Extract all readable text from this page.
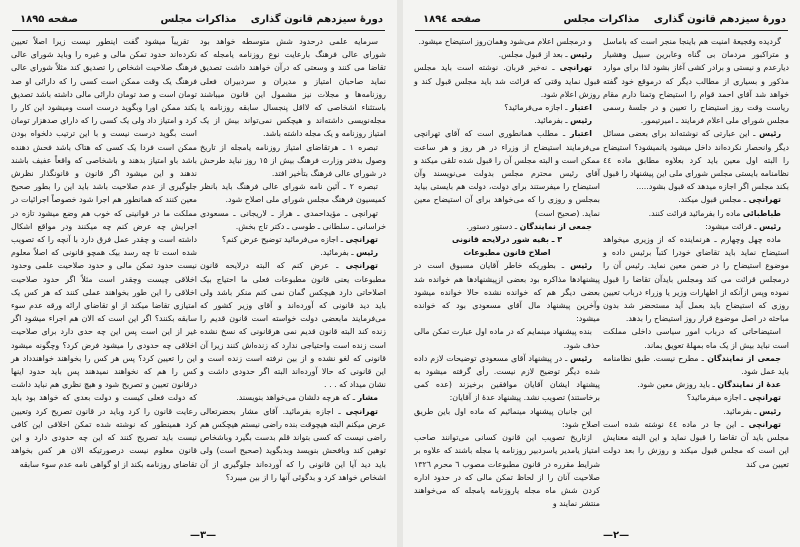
دورهٔ سیزدهم قانون گذاری
مذاکرات مجلس
صفحه ۱۸۹۵

سرمایه علمی درحدود شش متوسطه خواهد بود شورای عالی فرهنگ بارعایت نوع روزنامه یامجله که تقاضا می کنند و وسعتی که درآن خواهند داشت تصدیق نماید صاحبان امتیاز و مدیران و سردبیران فعلی روزنامه‌ها و مجلات نیز مشمول این قانون میباشند باستثناء اشخاصی که لااقل پنجسال سابقه روزنامه یا مجله‌نویسی داشته‌اند و هیچکس نمی‌تواند بیش از یک امتیاز روزنامه و یک مجله داشته باشد.

تبصره ۱ ـ هرتقاضای امتیاز روزنامه یامجله از تاریخ وصول بدفتر وزارت فرهنگ بیش از ۱۵ روز نباید طرحش در شورای عالی فرهنگ بتأخیر افتد.

تبصره ۲ ـ آئین نامه شورای عالی فرهنگ باید بانظر کمیسیون فرهنگ مجلس شورای ملی اصلاح شود.

تهرانچی ـ مؤیداحمدی ـ هراز ـ لاریجانی ـ مسعودی خراسانی ـ سلطانی ـ طوسی ـ دکتر تاج بخش.

تهرانچی ـ اجازه می‌فرمائید توضیح عرض کنم؟

رئیس ـ بفرمائید.

تهرانچی ـ عرض کنم که البته درلایحه قانون مطبوعات یعنی قانون مطبوعات فعلی ما احتیاج بیک اصلاحاتی دارد هیچکس گمان نمی کنم منکر باشد ولی باید دید قانونی که آورده‌اند و آقای وزیر کشور که می‌فرمایند مابعضی دولت خواسته است قانون قدیم را زنده کند البته قانون قدیم نمی هرقانونی که نسخ نشده است زنده است واحتیاجی ندارد که زنده‌اش کنند زیرا آن قانونی که لغو نشده و از بین نرفته است زنده است و این قانونی که حالا آورده‌اند البته اگر حدودی داشت و نشان میداد که . . .

مشار ـ که هرچه دلشان می‌خواهد بنویسند.

تهرانچی ـ اجازه بفرمائید. آقای مشار بحضرتعالی عرض میکنم البته هیچوقت بنده راضی نیستم هیچکس هم راضی نیست که کسی بتواند قلم بدست بگیرد وباشخاص توهین کند وبافحش بنویسد وبدبگوید (صحیح است) ولی باید دید آیا این قانونی را که آورده‌اند جلوگیری از آن اشخاص خواهد کرد و بدگوئی آنها را از بین میبرد؟

تقریباً میشود گفت اینطور نیست زیرا اصلاً تعیین نکرده‌اند حدود تمکن مالی و غیره را وباید شورای عالی فرهنگ صلاحیت اشخاص را تصدیق کند مثلاً شورای عالی فرهنگ یک وقت ممکن است کسی را که دارائی او صد تومان است و صد تومان دارائی مالی داشته باشد تصدیق بکند ممکن اورا وبگوید درست است ومیشود این کار را کرد و امتیاز داد ولی یک کسی را که دارای صدهزار تومان است بگوید درست نیست و با این ترتیب دلخواه بودن ممکن است فردا یک کسی که هتاک باشد فحش دهنده باشد باو امتیاز بدهند و باشخاصی که واقعاً عفیف باشند ندهند و این میشود اگر قانون و قانونگذار نظرش جلوگیری از عدم صلاحیت باشد باید این را بطور صحیح معین کنند که همانطور هم اجرا شود خصوصاً اجرائیات در مملکت ما در قوانینی که خوب هم وضع میشود تازه در اجرایش چه عرض کنم چه میکنند ودر مواقع اشکال داشته است و چقدر عمل فرق دارد با آنچه را که تصویب شده است تا چه رسد بیک همچو قانونی که اصلاً معلوم نیست حدود تمکن مالی و حدود صلاحیت علمی وحدود اخلاقی چیست وچقدر است مثلاً اگر حدود صلاحیت اخلاقی را این طور بخواهند عملی کنند که هر کس یک امتیازی تقاضا میکند از او تقاضای ارائه ورقه عدم سوء سابقه بکنند؟ اگر این است که الان هم اجراء میشود اگر غیر از این است پس این چه حدی دارد برای صلاحیت اخلاقی چه حدودی را میشود فرض کرد؟ وچگونه میشود این را تعیین کرد؟ پس هر کس را بخواهند خواهندداد هر کس را هم که نخواهند نمیدهند پس باید حدود اینها درقانون تعیین و تصریح شود و هیچ نظری هم نباید داشت که دولت فعلی کیست و دولت بعدی که خواهد بود باید رعایت قانون را کرد وباید در قانون تصریح کرد وتعیین کرد همینطور که نوشته شده تمکن اخلاقی این کافی نیست باید تصریح کنند که این چه حدودی دارد و این قانون معلوم نیست درصورتیکه الان هر کس بخواهد تقاضای روزنامه بکند از او گواهی نامه عدم سوء سابقه

—۳—
دورهٔ سیزدهم قانون گذاری
مذاکرات مجلس
صفحه ۱۸۹٤

گردیده وفجیعهٔ امنیت هم باینجا منجر است که باماسل و متراکبور مردمان بی گناه وعابرین سبیل وهشیار دیارعدم و نیستی و برادر کشی آغاز بشود لذا برای موارد مذکور و بسیاری از مطالب دیگر که درموقع خود گفته خواهد شد آقای احمد قوام را استیضاح وتمنا دارم مقام ریاست وقت روز استیضاح را تعیین و در جلسهٔ رسمی مجلس شورای ملی اعلام فرمایند ـ امیرتیمور.

رئیس ـ این عبارتی که نوشته‌اند برای بعضی مسائل دیگر وانحصار نکرده‌اند داخل میشود یانمیشود؟ استیضاح را البته اول معین باید کرد بعلاوه مطابق ماده ٤٤ نظامنامه بایستی مجلس شورای ملی این پیشنهاد را قبول بکند مجلس اگر اجازه میدهد که قبول بشود.....

تهرانچی ـ مجلس قبول میکند.

طباطبائی ماده را بفرمائید قرائت کنند.

رئیس ـ قرائت میشود:

ماده چهل وچهارم ـ هرنماینده که از وزیری میخواهد استیضاح نماید باید تقاضای خودرا کتباً برئیس داده و موضوع استیضاح را در ضمن معین نماید. رئیس آن را درمجلس قرائت می کند ومجلس بایدآن تقاضا را قبول نموده وپس ازآنکه از اظهارات وزیر یا وزراء درباب تعیین روزی که استیضاح باید بعمل آید مستحضر شد بدون مباحثه در اصل موضوع قرار روز استیضاح را بدهد.

استیضاحاتی که درباب امور سیاسی داخلی مملکت است نباید بیش از یک ماه بمهلهٔ تعویق بماند.

جمعی از نمایندگان ـ مطرح نیست. طبق نظامنامه باید عمل شود.

عدهٔ از نمایندگان ـ باید روزش معین شود.

تهرانچی ـ اجازه میفرمائید؟

رئیس ـ بفرمائید.

تهرانچی ـ این جا در ماده ٤٤ نوشته شده است مجلس باید آن تقاضا را قبول نماید و این البته معنایش این است که مجلس قبول میکند و روزش را بعد دولت تعیین می کند

و درمجلس اعلام می‌شود وهمان‌روز استیضاح میشود.

رئیس ـ بعد از قبول مجلس.

تهرانچی ـ نه‌خیر قربان. نوشته است باید مجلس قبول نماید وقتی که قرائت شد باید مجلس قبول کند و روزش اعلام شود.

اعتبار ـ اجازه می‌فرمائید؟

رئیس ـ بفرمائید.

اعتبار ـ مطلب همانطوری است که آقای تهرانچی می‌فرمایند استیضاح از وزراء در هر روز و هر ساعت ممکن است و البته مجلس آن را قبول شده تلقی میکند و آقای رئیس محترم مجلس بدولت می‌نویسند وآن استیضاح را میفرستند برای دولت، دولت هم بایستی بیاید بمجلس و روزی را که می‌خواهد برای آن استیضاح معین نماید. (صحیح است)

جمعی از نمایندگان ـ دستور دستور.

۳ ـ بقیه شور درلایحه قانونی

اصلاح قانون مطبوعات

رئیس ـ بطوریکه خاطر آقایان مسبوق است در پیشنهادها مذاکره بود بعضی ازپیشنهادها هم خوانده شد بعضی دیگر هم که خوانده نشده حالا خوانده میشود وآخرین پیشنهاد مال آقای مسعودی بود که خوانده میشود:

بنده پیشنهاد مینمایم که در ماده اول عبارت تمکن مالی حذف شود.

رئیس ـ در پیشنهاد آقای مسعودی توضیحات لازم داده شده دیگر توضیح لازم نیست. رأی گرفته میشود به پیشنهاد ایشان آقایان موافقین برخیزند (عده کمی برخاستند) تصویب نشد. پیشنهاد عدهٔ از آقایان:

این جانبان پیشنهاد مینمائیم که ماده اول باین طریق اصلاح شود:

ازتاریخ تصویب این قانون کسانی می‌توانند صاحب امتیاز یامدیر یاسردبیر روزنامه یا مجله باشند که علاوه بر شرایط مقرره در قانون مطبوعات مصوب ٦ محرم ١٣٢٦ صلاحیت آنان را از لحاظ تمکن مالی که در حدود اداره کردن شش ماه مجله یاروزنامه یامجله که می‌خواهند منتشر نمایند و

—۲—
